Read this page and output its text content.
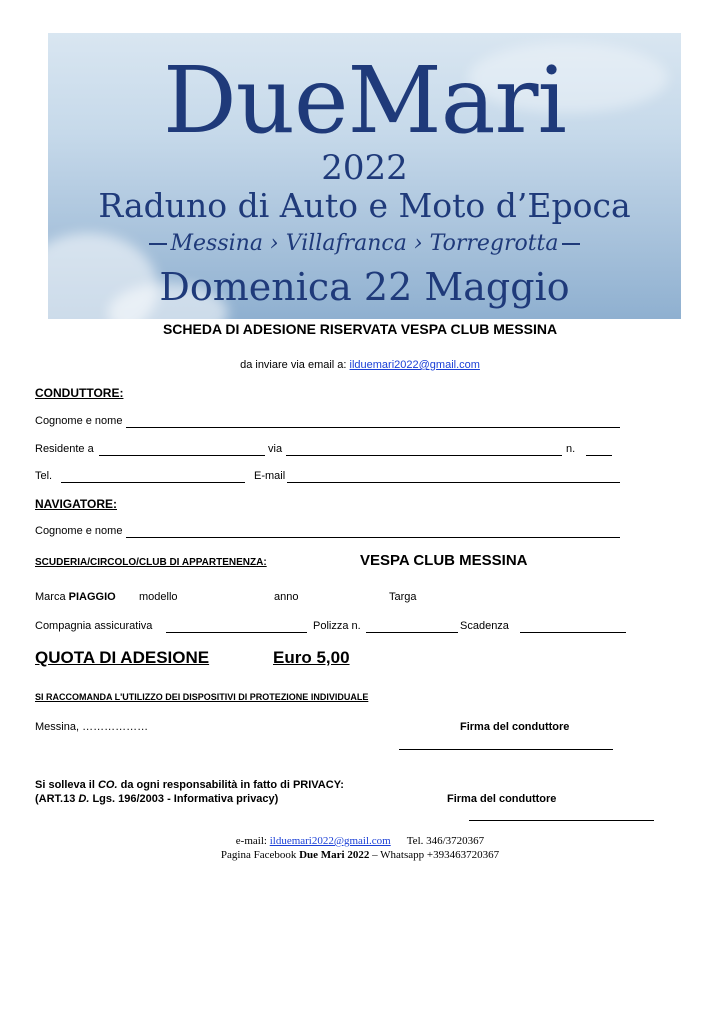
DueMari
2022
Raduno di Auto e Moto d’Epoca
Messina › Villafranca › Torregrotta
Domenica 22 Maggio
SCHEDA DI ADESIONE RISERVATA VESPA CLUB MESSINA
da inviare via email a: ilduemari2022@gmail.com
CONDUTTORE:
Cognome e nome
Residente a	via	n.
Tel.	E-mail
NAVIGATORE:
Cognome e nome
SCUDERIA/CIRCOLO/CLUB DI APPARTENENZA:	VESPA CLUB MESSINA
Marca PIAGGIO modello	anno	Targa
Compagnia assicurativa	Polizza n.	Scadenza
QUOTA DI ADESIONE	Euro 5,00
SI RACCOMANDA L'UTILIZZO DEI DISPOSITIVI DI PROTEZIONE INDIVIDUALE
Messina, ………………	Firma del conduttore
Si solleva il CO. da ogni responsabilità in fatto di PRIVACY:
(ART.13 D. Lgs. 196/2003 - Informativa privacy)	Firma del conduttore
e-mail: ilduemari2022@gmail.com Tel. 346/3720367
Pagina Facebook Due Mari 2022 – Whatsapp +393463720367
